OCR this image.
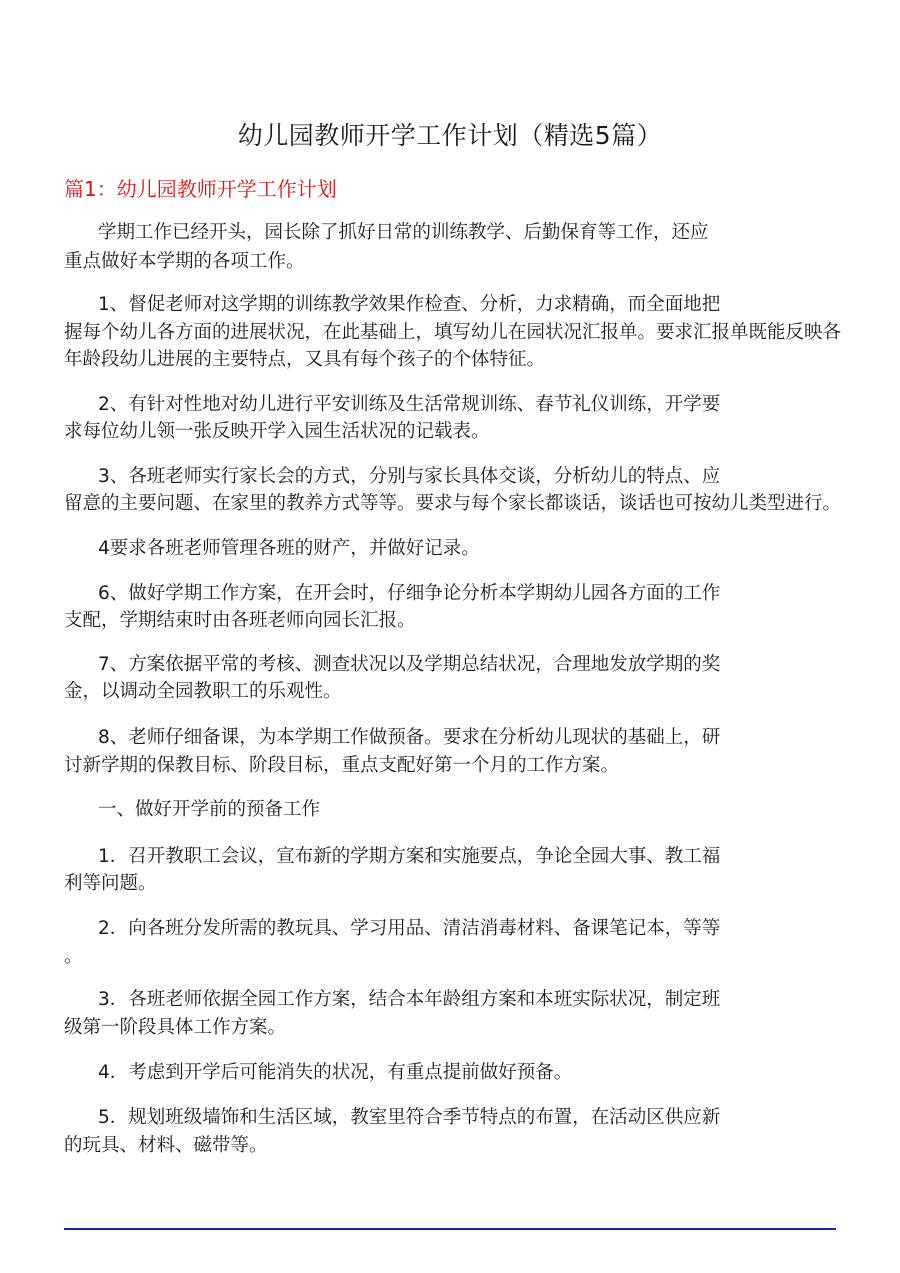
幼儿园教师开学工作计划（精选5篇）
篇1：幼儿园教师开学工作计划
学期工作已经开头，园长除了抓好日常的训练教学、后勤保育等工作，还应
重点做好本学期的各项工作。
1、督促老师对这学期的训练教学效果作检查、分析，力求精确，而全面地把
握每个幼儿各方面的进展状况，在此基础上，填写幼儿在园状况汇报单。要求汇报单既能反映各
年龄段幼儿进展的主要特点，又具有每个孩子的个体特征。
2、有针对性地对幼儿进行平安训练及生活常规训练、春节礼仪训练，开学要
求每位幼儿领一张反映开学入园生活状况的记载表。
3、各班老师实行家长会的方式，分别与家长具体交谈，分析幼儿的特点、应
留意的主要问题、在家里的教养方式等等。要求与每个家长都谈话，谈话也可按幼儿类型进行。
4要求各班老师管理各班的财产，并做好记录。
6、做好学期工作方案，在开会时，仔细争论分析本学期幼儿园各方面的工作
支配，学期结束时由各班老师向园长汇报。
7、方案依据平常的考核、测查状况以及学期总结状况，合理地发放学期的奖
金，以调动全园教职工的乐观性。
8、老师仔细备课，为本学期工作做预备。要求在分析幼儿现状的基础上，研
讨新学期的保教目标、阶段目标，重点支配好第一个月的工作方案。
一、做好开学前的预备工作
1．召开教职工会议，宣布新的学期方案和实施要点，争论全园大事、教工福
利等问题。
2．向各班分发所需的教玩具、学习用品、清洁消毒材料、备课笔记本，等等
。
3．各班老师依据全园工作方案，结合本年龄组方案和本班实际状况，制定班
级第一阶段具体工作方案。
4．考虑到开学后可能消失的状况，有重点提前做好预备。
5．规划班级墙饰和生活区域，教室里符合季节特点的布置，在活动区供应新
的玩具、材料、磁带等。
